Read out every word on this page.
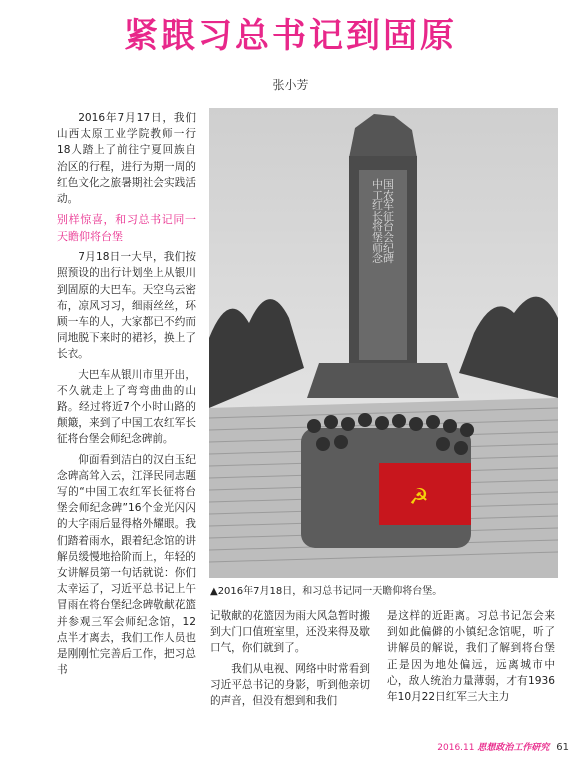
紧跟习总书记到固原
张小芳

2016年7月17日，我们山西太原工业学院教师一行18人踏上了前往宁夏回族自治区的行程，进行为期一周的红色文化之旅暑期社会实践活动。

别样惊喜，和习总书记同一天瞻仰将台堡

7月18日一大早，我们按照预设的出行计划坐上从银川到固原的大巴车。天空乌云密布，凉风习习，细雨丝丝，环顾一车的人，大家都已不约而同地脱下来时的裙衫，换上了长衣。

大巴车从银川市里开出，不久就走上了弯弯曲曲的山路。经过将近7个小时山路的颠簸，来到了中国工农红军长征将台堡会师纪念碑前。

仰面看到洁白的汉白玉纪念碑高耸入云，江泽民同志题写的“中国工农红军长征将台堡会师纪念碑”16个金光闪闪的大字雨后显得格外耀眼。我们踏着雨水，跟着纪念馆的讲解员缓慢地拾阶而上，年轻的女讲解员第一句话就说：你们太幸运了，习近平总书记上午冒雨在将台堡纪念碑敬献花篮并参观三军会师纪念馆，12点半才离去，我们工作人员也是刚刚忙完善后工作，把习总书

☭
中国工农红军长征将台堡会师纪念碑
▲2016年7月18日，和习总书记同一天瞻仰将台堡。

记敬献的花篮因为雨大风急暂时搬到大门口值班室里，还没来得及歇口气，你们就到了。

我们从电视、网络中时常看到习近平总书记的身影，听到他亲切的声音，但没有想到和我们

是这样的近距离。习总书记怎会来到如此偏僻的小镇纪念馆呢，听了讲解员的解说，我们了解到将台堡正是因为地处偏远，远离城市中心，敌人统治力量薄弱，才有1936年10月22日红军三大主力

2016.11 思想政治工作研究 61
